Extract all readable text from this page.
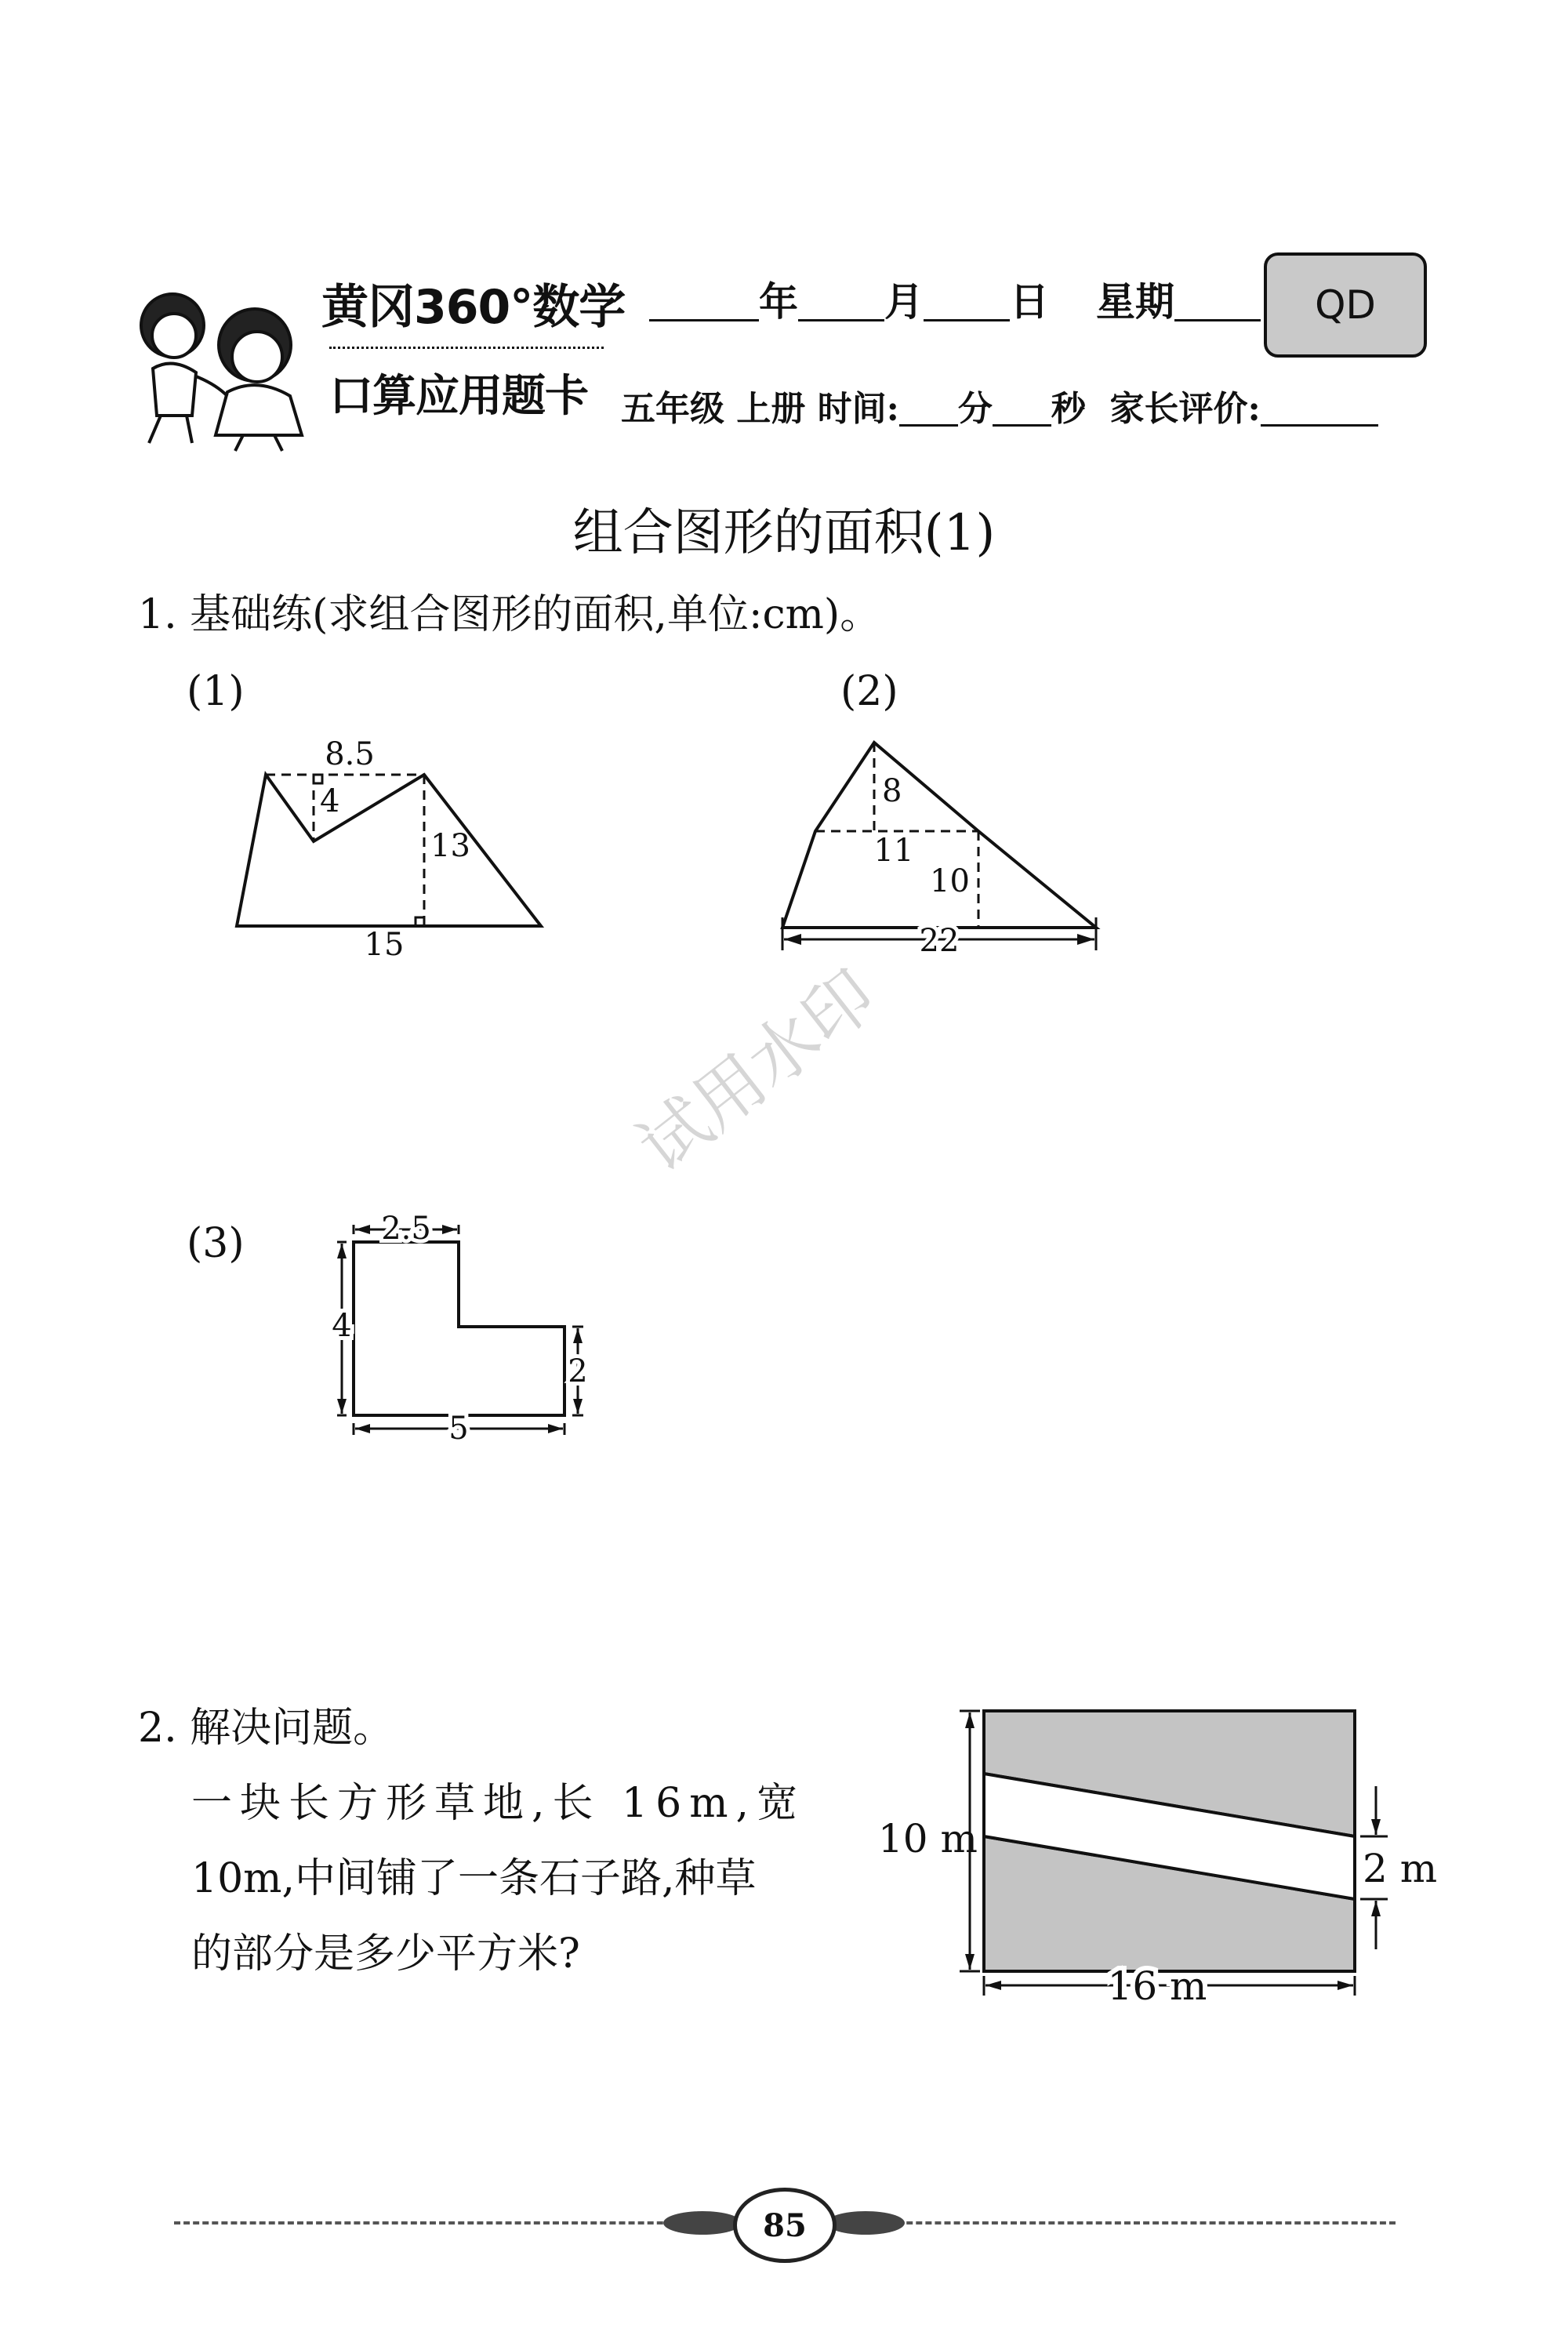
黄冈360°数学
口算应用题卡
年 月 日 星期	QD
五年级 上册 时间: 分 秒 家长评价:
组合图形的面积(1)
1. 基础练(求组合图形的面积,单位:cm)。
(1)	(2)
(3)
8.5
4
13
15
8
11
10
22
2.5
4
2
5
试用水印
2. 解决问题。
一块长方形草地,长 16m,宽
10m,中间铺了一条石子路,种草
的部分是多少平方米?
10 m
2 m
16 m
85
